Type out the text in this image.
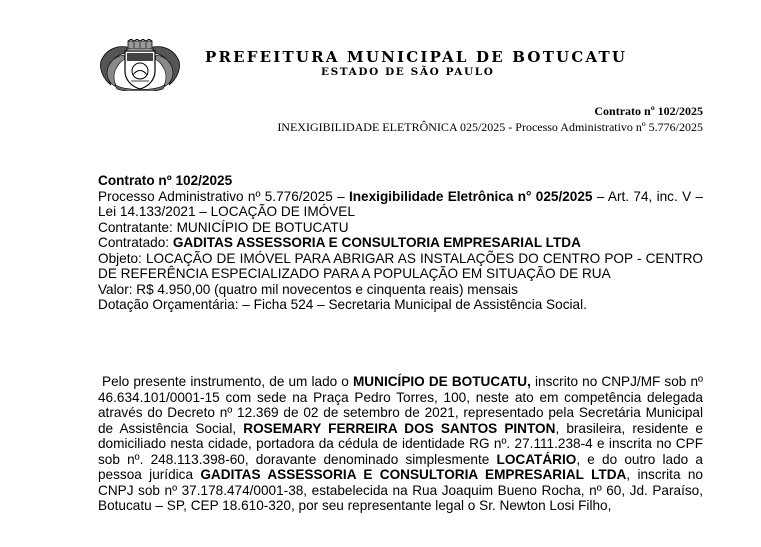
PREFEITURA MUNICIPAL DE BOTUCATU
ESTADO DE SÃO PAULO
Contrato nº 102/2025
INEXIGIBILIDADE ELETRÔNICA 025/2025 - Processo Administrativo nº 5.776/2025

Contrato nº 102/2025

Processo Administrativo nº 5.776/2025 – Inexigibilidade Eletrônica n° 025/2025 – Art. 74, inc. V – Lei 14.133/2021 – LOCAÇÃO DE IMÓVEL

Contratante: MUNICÍPIO DE BOTUCATU

Contratado: GADITAS ASSESSORIA E CONSULTORIA EMPRESARIAL LTDA

Objeto: LOCAÇÃO DE IMÓVEL PARA ABRIGAR AS INSTALAÇÕES DO CENTRO POP - CENTRO DE REFERÊNCIA ESPECIALIZADO PARA A POPULAÇÃO EM SITUAÇÃO DE RUA

Valor: R$ 4.950,00 (quatro mil novecentos e cinquenta reais) mensais

Dotação Orçamentária: – Ficha 524 – Secretaria Municipal de Assistência Social.

Pelo presente instrumento, de um lado o MUNICÍPIO DE BOTUCATU, inscrito no CNPJ/MF sob nº 46.634.101/0001-15 com sede na Praça Pedro Torres, 100, neste ato em competência delegada através do Decreto nº 12.369 de 02 de setembro de 2021, representado pela Secretária Municipal de Assistência Social, ROSEMARY FERREIRA DOS SANTOS PINTON, brasileira, residente e domiciliado nesta cidade, portadora da cédula de identidade RG nº. 27.111.238-4 e inscrita no CPF sob nº. 248.113.398-60, doravante denominado simplesmente LOCATÁRIO, e do outro lado a pessoa jurídica GADITAS ASSESSORIA E CONSULTORIA EMPRESARIAL LTDA, inscrita no CNPJ sob nº 37.178.474/0001-38, estabelecida na Rua Joaquim Bueno Rocha, nº 60, Jd. Paraíso, Botucatu – SP, CEP 18.610-320, por seu representante legal o Sr. Newton Losi Filho,
